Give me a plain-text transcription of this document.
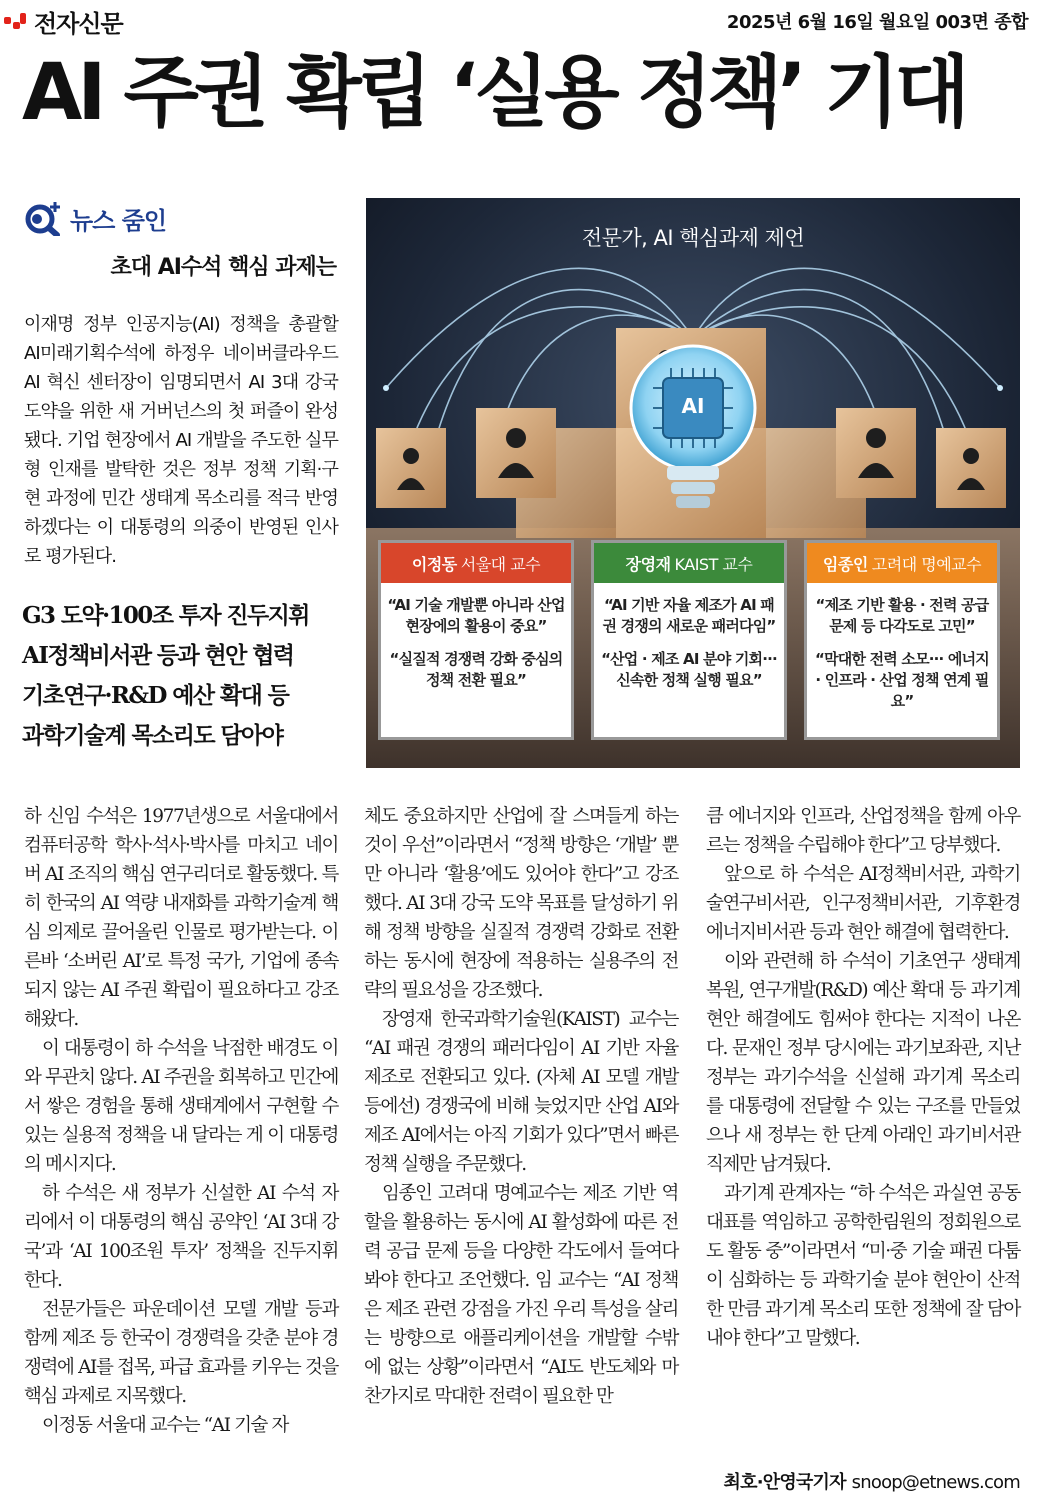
전자신문	2025년 6월 16일 월요일 003면 종합
AI 주권 확립 ‘실용 정책’ 기대
뉴스 줌인
초대 AI수석 핵심 과제는

이재명 정부 인공지능(AI) 정책을 총괄할 AI미래기획수석에 하정우 네이버클라우드 AI 혁신 센터장이 임명되면서 AI 3대 강국 도약을 위한 새 거버넌스의 첫 퍼즐이 완성됐다. 기업 현장에서 AI 개발을 주도한 실무형 인재를 발탁한 것은 정부 정책 기획·구현 과정에 민간 생태계 목소리를 적극 반영하겠다는 이 대통령의 의중이 반영된 인사로 평가된다.

G3 도약·100조 투자 진두지휘
AI정책비서관 등과 현안 협력
기초연구·R&D 예산 확대 등
과학기술계 목소리도 담아야
AI
전문가, AI 핵심과제 제언
이정동 서울대 교수
“AI 기술 개발뿐 아니라 산업 현장에의 활용이 중요”
“실질적 경쟁력 강화 중심의 정책 전환 필요”
장영재 KAIST 교수
“AI 기반 자율 제조가 AI 패권 경쟁의 새로운 패러다임”
“산업 · 제조 AI 분야 기회··· 신속한 정책 실행 필요”
임종인 고려대 명예교수
“제조 기반 활용 · 전력 공급 문제 등 다각도로 고민”
“막대한 전력 소모··· 에너지 · 인프라 · 산업 정책 연계 필요”

하 신임 수석은 1977년생으로 서울대에서 컴퓨터공학 학사·석사·박사를 마치고 네이버 AI 조직의 핵심 연구리더로 활동했다. 특히 한국의 AI 역량 내재화를 과학기술계 핵심 의제로 끌어올린 인물로 평가받는다. 이른바 ‘소버린 AI’로 특정 국가, 기업에 종속되지 않는 AI 주권 확립이 필요하다고 강조해왔다.

이 대통령이 하 수석을 낙점한 배경도 이와 무관치 않다. AI 주권을 회복하고 민간에서 쌓은 경험을 통해 생태계에서 구현할 수 있는 실용적 정책을 내 달라는 게 이 대통령의 메시지다.

하 수석은 새 정부가 신설한 AI 수석 자리에서 이 대통령의 핵심 공약인 ‘AI 3대 강국’과 ‘AI 100조원 투자’ 정책을 진두지휘한다.

전문가들은 파운데이션 모델 개발 등과 함께 제조 등 한국이 경쟁력을 갖춘 분야 경쟁력에 AI를 접목, 파급 효과를 키우는 것을 핵심 과제로 지목했다.

이정동 서울대 교수는 “AI 기술 자

체도 중요하지만 산업에 잘 스며들게 하는 것이 우선”이라면서 “정책 방향은 ‘개발’ 뿐만 아니라 ‘활용’에도 있어야 한다”고 강조했다. AI 3대 강국 도약 목표를 달성하기 위해 정책 방향을 실질적 경쟁력 강화로 전환하는 동시에 현장에 적용하는 실용주의 전략의 필요성을 강조했다.

장영재 한국과학기술원(KAIST) 교수는 “AI 패권 경쟁의 패러다임이 AI 기반 자율 제조로 전환되고 있다. (자체 AI 모델 개발 등에선) 경쟁국에 비해 늦었지만 산업 AI와 제조 AI에서는 아직 기회가 있다”면서 빠른 정책 실행을 주문했다.

임종인 고려대 명예교수는 제조 기반 역할을 활용하는 동시에 AI 활성화에 따른 전력 공급 문제 등을 다양한 각도에서 들여다봐야 한다고 조언했다. 임 교수는 “AI 정책은 제조 관련 강점을 가진 우리 특성을 살리는 방향으로 애플리케이션을 개발할 수밖에 없는 상황”이라면서 “AI도 반도체와 마찬가지로 막대한 전력이 필요한 만

큼 에너지와 인프라, 산업정책을 함께 아우르는 정책을 수립해야 한다”고 당부했다.

앞으로 하 수석은 AI정책비서관, 과학기술연구비서관, 인구정책비서관, 기후환경에너지비서관 등과 현안 해결에 협력한다.

이와 관련해 하 수석이 기초연구 생태계 복원, 연구개발(R&D) 예산 확대 등 과기계 현안 해결에도 힘써야 한다는 지적이 나온다. 문재인 정부 당시에는 과기보좌관, 지난 정부는 과기수석을 신설해 과기계 목소리를 대통령에 전달할 수 있는 구조를 만들었으나 새 정부는 한 단계 아래인 과기비서관 직제만 남겨뒀다.

과기계 관계자는 “하 수석은 과실연 공동대표를 역임하고 공학한림원의 정회원으로도 활동 중”이라면서 “미·중 기술 패권 다툼이 심화하는 등 과학기술 분야 현안이 산적한 만큼 과기계 목소리 또한 정책에 잘 담아내야 한다”고 말했다.

최호·안영국기자 snoop@etnews.com
